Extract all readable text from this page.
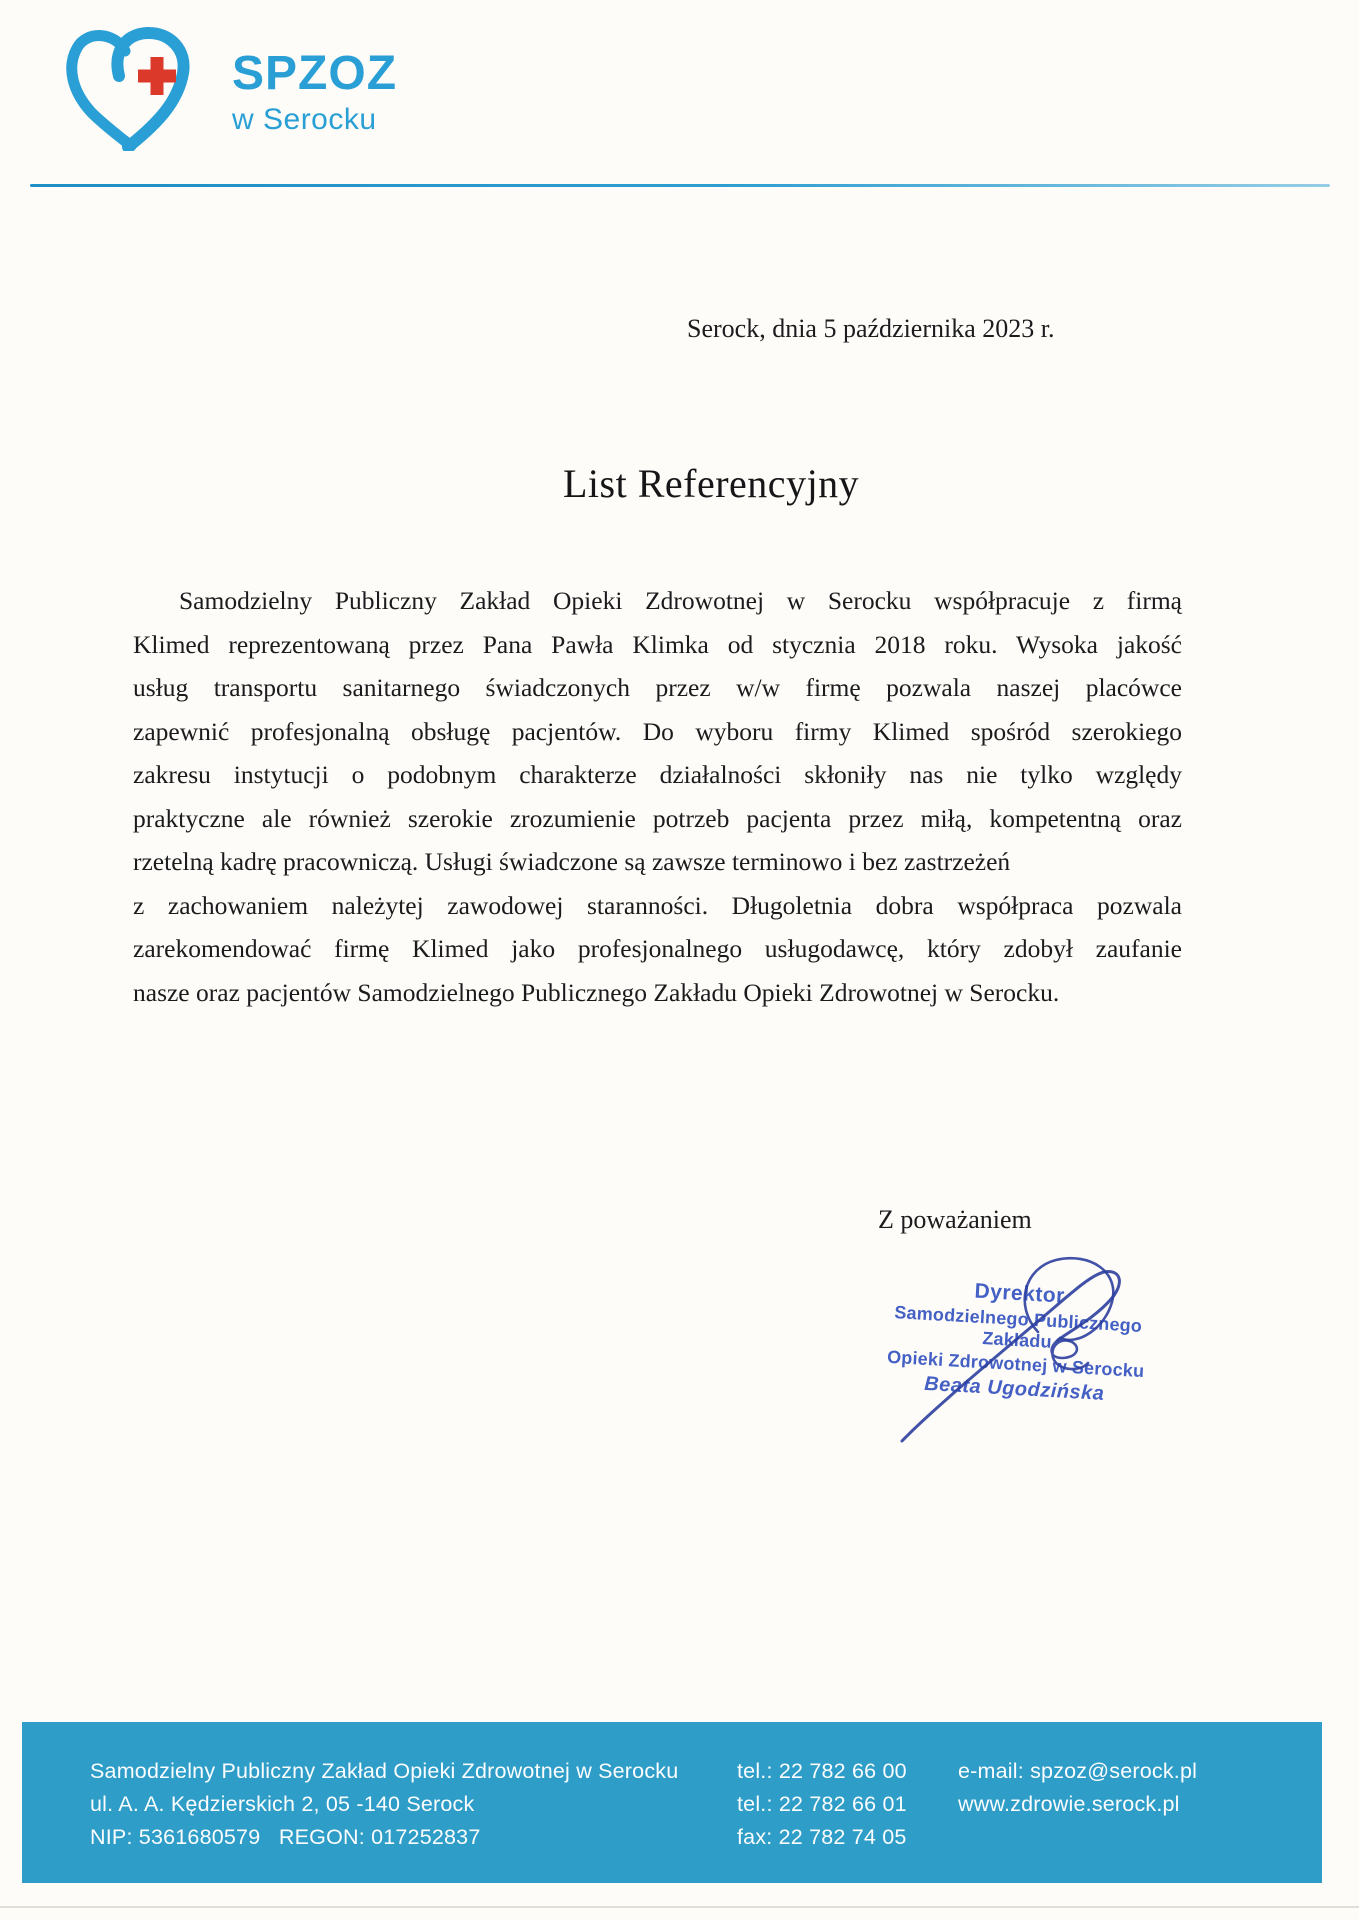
SPZOZ
w Serocku
Serock, dnia 5 października 2023 r.
List Referencyjny
Samodzielny Publiczny Zakład Opieki Zdrowotnej w Serocku współpracuje z firmą
Klimed reprezentowaną przez Pana Pawła Klimka od stycznia 2018 roku. Wysoka jakość
usług transportu sanitarnego świadczonych przez w/w firmę pozwala naszej placówce
zapewnić profesjonalną obsługę pacjentów. Do wyboru firmy Klimed spośród szerokiego
zakresu instytucji o podobnym charakterze działalności skłoniły nas nie tylko względy
praktyczne ale również szerokie zrozumienie potrzeb pacjenta przez miłą, kompetentną oraz
rzetelną kadrę pracowniczą. Usługi świadczone są zawsze terminowo i bez zastrzeżeń
z zachowaniem należytej zawodowej staranności. Długoletnia dobra współpraca pozwala
zarekomendować firmę Klimed jako profesjonalnego usługodawcę, który zdobył zaufanie
nasze oraz pacjentów Samodzielnego Publicznego Zakładu Opieki Zdrowotnej w Serocku.
Z poważaniem
Dyrektor
Samodzielnego Publicznego Zakładu
Opieki Zdrowotnej w Serocku
Beata Ugodzińska
Samodzielny Publiczny Zakład Opieki Zdrowotnej w Serocku
ul. A. A. Kędzierskich 2, 05 -140 Serock
NIP: 5361680579   REGON: 017252837
tel.: 22 782 66 00
tel.: 22 782 66 01
fax: 22 782 74 05
e-mail: spzoz@serock.pl
www.zdrowie.serock.pl
